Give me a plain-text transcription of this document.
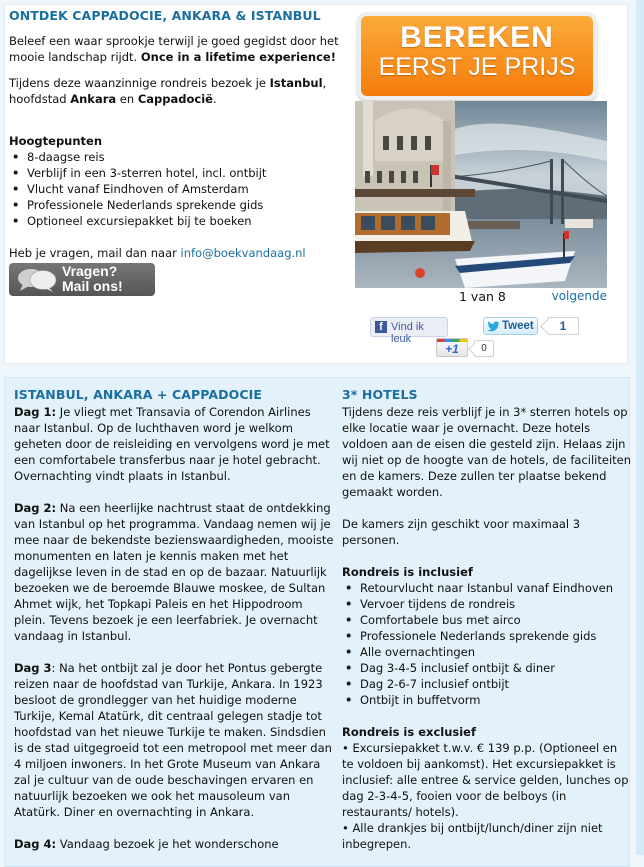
ONTDEK CAPPADOCIE, ANKARA & ISTANBUL

Beleef een waar sprookje terwijl je goed gegidst door het mooie landschap rijdt. Once in a lifetime experience!

Tijdens deze waanzinnige rondreis bezoek je Istanbul, hoofdstad Ankara en Cappadocië.

Hoogtepunten
• 8-daagse reis
• Verblijf in een 3-sterren hotel, incl. ontbijt
• Vlucht vanaf Eindhoven of Amsterdam
• Professionele Nederlands sprekende gids
• Optioneel excursiepakket bij te boeken

Heb je vragen, mail dan naar info@boekvandaag.nl

Vragen?
Mail ons!
BEREKEN
EERST JE PRIJS
1 van 8	volgende
f Vind ik leuk
Tweet	1
+1	0
ISTANBUL, ANKARA + CAPPADOCIE

Dag 1: Je vliegt met Transavia of Corendon Airlines naar Istanbul. Op de luchthaven word je welkom geheten door de reisleiding en vervolgens word je met een comfortabele transferbus naar je hotel gebracht. Overnachting vindt plaats in Istanbul.

Dag 2: Na een heerlijke nachtrust staat de ontdekking van Istanbul op het programma. Vandaag nemen wij je mee naar de bekendste bezienswaardigheden, mooiste monumenten en laten je kennis maken met het dagelijkse leven in de stad en op de bazaar. Natuurlijk bezoeken we de beroemde Blauwe moskee, de Sultan Ahmet wijk, het Topkapi Paleis en het Hippodroom plein. Tevens bezoek je een leerfabriek. Je overnacht vandaag in Istanbul.

Dag 3: Na het ontbijt zal je door het Pontus gebergte reizen naar de hoofdstad van Turkije, Ankara. In 1923 besloot de grondlegger van het huidige moderne Turkije, Kemal Atatürk, dit centraal gelegen stadje tot hoofdstad van het nieuwe Turkije te maken. Sindsdien is de stad uitgegroeid tot een metropool met meer dan 4 miljoen inwoners. In het Grote Museum van Ankara zal je cultuur van de oude beschavingen ervaren en natuurlijk bezoeken we ook het mausoleum van Atatürk. Diner en overnachting in Ankara.

Dag 4: Vandaag bezoek je het wonderschone

3* HOTELS

Tijdens deze reis verblijf je in 3* sterren hotels op elke locatie waar je overnacht. Deze hotels voldoen aan de eisen die gesteld zijn. Helaas zijn wij niet op de hoogte van de hotels, de faciliteiten en de kamers. Deze zullen ter plaatse bekend gemaakt worden.

De kamers zijn geschikt voor maximaal 3 personen.

Rondreis is inclusief
• Retourvlucht naar Istanbul vanaf Eindhoven
• Vervoer tijdens de rondreis
• Comfortabele bus met airco
• Professionele Nederlands sprekende gids
• Alle overnachtingen
• Dag 3-4-5 inclusief ontbijt & diner
• Dag 2-6-7 inclusief ontbijt
• Ontbijt in buffetvorm
Rondreis is exclusief

• Excursiepakket t.w.v. € 139 p.p. (Optioneel en te voldoen bij aankomst). Het excursiepakket is inclusief: alle entree & service gelden, lunches op dag 2-3-4-5, fooien voor de belboys (in restaurants/ hotels).

• Alle drankjes bij ontbijt/lunch/diner zijn niet inbegrepen.
